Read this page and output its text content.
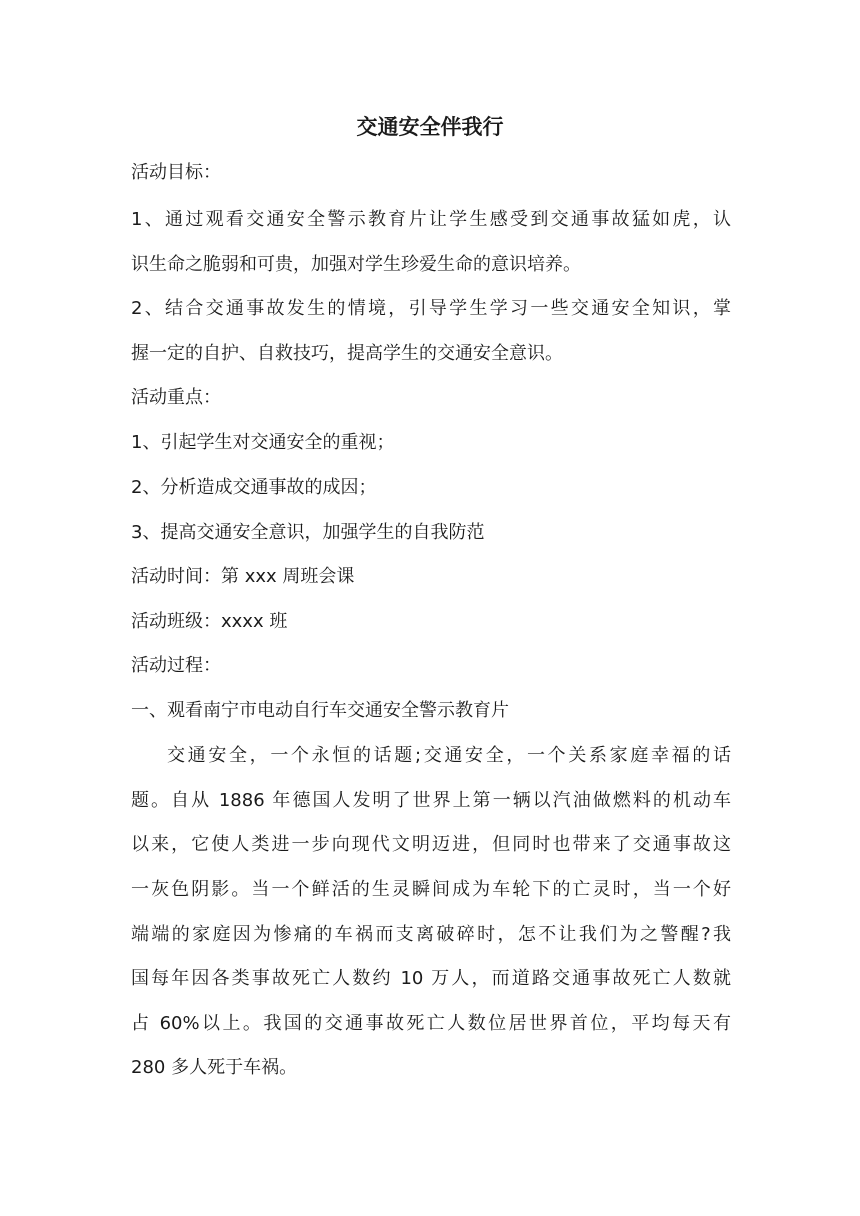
交通安全伴我行
活动目标：
1、通过观看交通安全警示教育片让学生感受到交通事故猛如虎，认
识生命之脆弱和可贵，加强对学生珍爱生命的意识培养。
2、结合交通事故发生的情境，引导学生学习一些交通安全知识，掌
握一定的自护、自救技巧，提高学生的交通安全意识。
活动重点：
1、引起学生对交通安全的重视；
2、分析造成交通事故的成因；
3、提高交通安全意识，加强学生的自我防范
活动时间：第 xxx 周班会课
活动班级：xxxx 班
活动过程：
一、观看南宁市电动自行车交通安全警示教育片
交通安全，一个永恒的话题;交通安全，一个关系家庭幸福的话
题。自从 1886 年德国人发明了世界上第一辆以汽油做燃料的机动车
以来，它使人类进一步向现代文明迈进，但同时也带来了交通事故这
一灰色阴影。当一个鲜活的生灵瞬间成为车轮下的亡灵时，当一个好
端端的家庭因为惨痛的车祸而支离破碎时，怎不让我们为之警醒?我
国每年因各类事故死亡人数约 10 万人，而道路交通事故死亡人数就
占 60%以上。我国的交通事故死亡人数位居世界首位，平均每天有
280 多人死于车祸。
